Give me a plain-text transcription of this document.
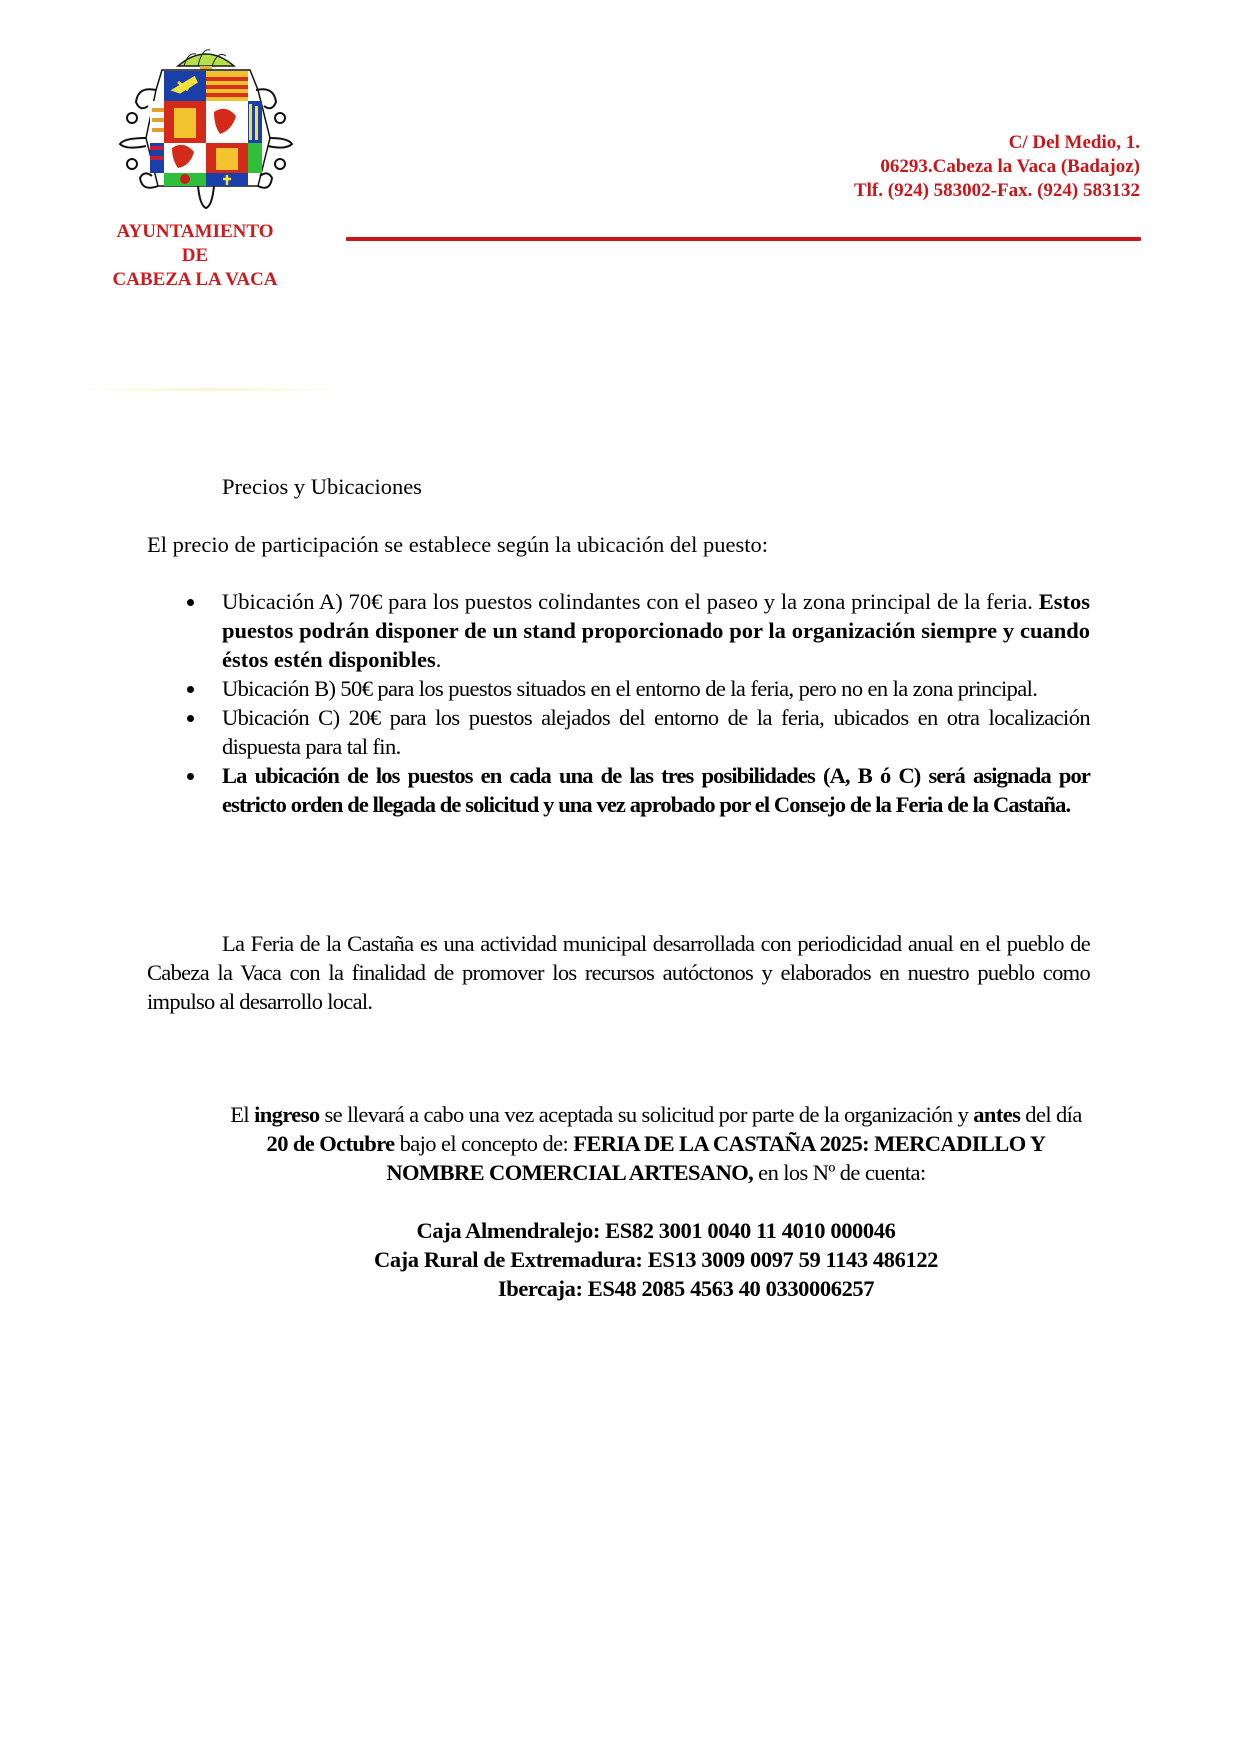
AYUNTAMIENTO
DE
CABEZA LA VACA
C/ Del Medio, 1.
06293.Cabeza la Vaca (Badajoz)
Tlf. (924) 583002-Fax. (924) 583132
Precios y Ubicaciones
El precio de participación se establece según la ubicación del puesto:
Ubicación A) 70€ para los puestos colindantes con el paseo y la zona principal de la feria. Estos puestos podrán disponer de un stand proporcionado por la organización siempre y cuando éstos estén disponibles.
Ubicación B) 50€ para los puestos situados en el entorno de la feria, pero no en la zona principal.
Ubicación C) 20€ para los puestos alejados del entorno de la feria, ubicados en otra localización dispuesta para tal fin.
La ubicación de los puestos en cada una de las tres posibilidades (A, B ó C) será asignada por estricto orden de llegada de solicitud y una vez aprobado por el Consejo de la Feria de la Castaña.
La Feria de la Castaña es una actividad municipal desarrollada con periodicidad anual en el pueblo de Cabeza la Vaca con la finalidad de promover los recursos autóctonos y elaborados en nuestro pueblo como impulso al desarrollo local.
El ingreso se llevará a cabo una vez aceptada su solicitud por parte de la organización y antes del día 20 de Octubre bajo el concepto de: FERIA DE LA CASTAÑA 2025: MERCADILLO Y NOMBRE COMERCIAL ARTESANO, en los Nº de cuenta:
Caja Almendralejo: ES82 3001 0040 11 4010 000046
Caja Rural de Extremadura: ES13 3009 0097 59 1143 486122
Ibercaja: ES48 2085 4563 40 0330006257
